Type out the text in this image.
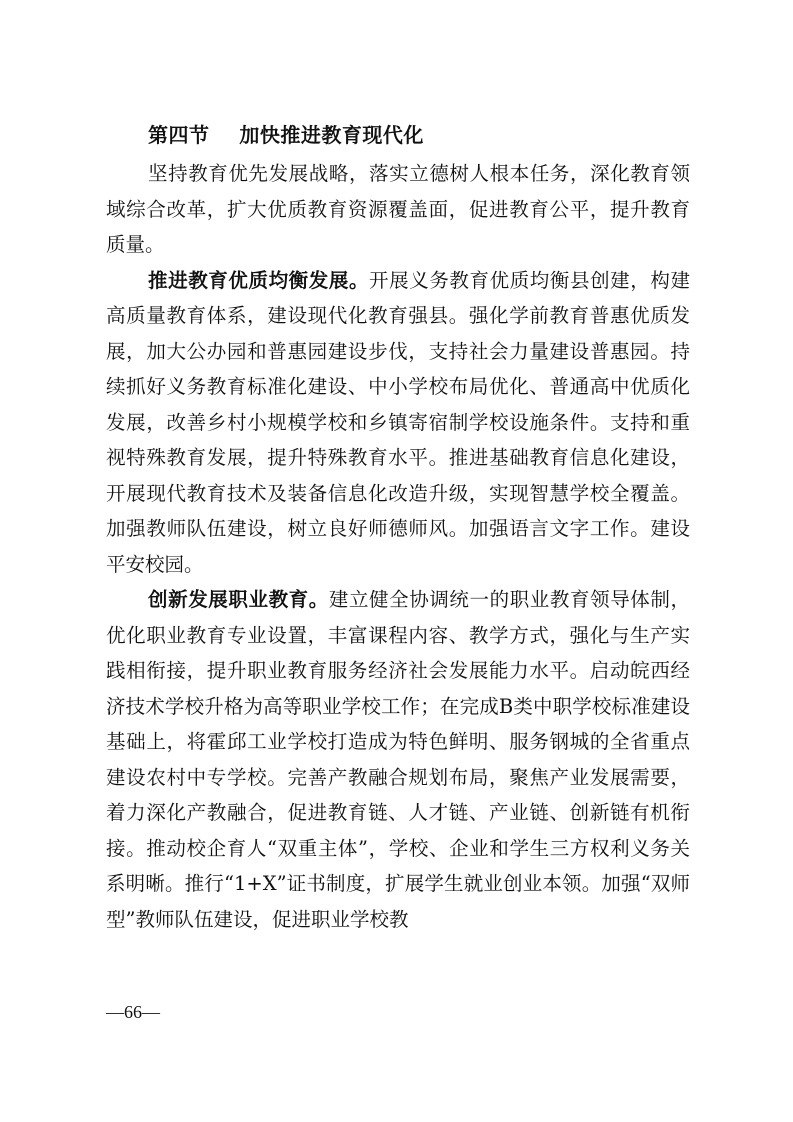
第四节    加快推进教育现代化

坚持教育优先发展战略，落实立德树人根本任务，深化教育领域综合改革，扩大优质教育资源覆盖面，促进教育公平，提升教育质量。

推进教育优质均衡发展。开展义务教育优质均衡县创建，构建高质量教育体系，建设现代化教育强县。强化学前教育普惠优质发展，加大公办园和普惠园建设步伐，支持社会力量建设普惠园。持续抓好义务教育标准化建设、中小学校布局优化、普通高中优质化发展，改善乡村小规模学校和乡镇寄宿制学校设施条件。支持和重视特殊教育发展，提升特殊教育水平。推进基础教育信息化建设，开展现代教育技术及装备信息化改造升级，实现智慧学校全覆盖。加强教师队伍建设，树立良好师德师风。加强语言文字工作。建设平安校园。

创新发展职业教育。建立健全协调统一的职业教育领导体制，优化职业教育专业设置，丰富课程内容、教学方式，强化与生产实践相衔接，提升职业教育服务经济社会发展能力水平。启动皖西经济技术学校升格为高等职业学校工作；在完成B类中职学校标准建设基础上，将霍邱工业学校打造成为特色鲜明、服务钢城的全省重点建设农村中专学校。完善产教融合规划布局，聚焦产业发展需要，着力深化产教融合，促进教育链、人才链、产业链、创新链有机衔接。推动校企育人“双重主体”，学校、企业和学生三方权利义务关系明晰。推行“1+X”证书制度，扩展学生就业创业本领。加强“双师型”教师队伍建设，促进职业学校教

—66—
